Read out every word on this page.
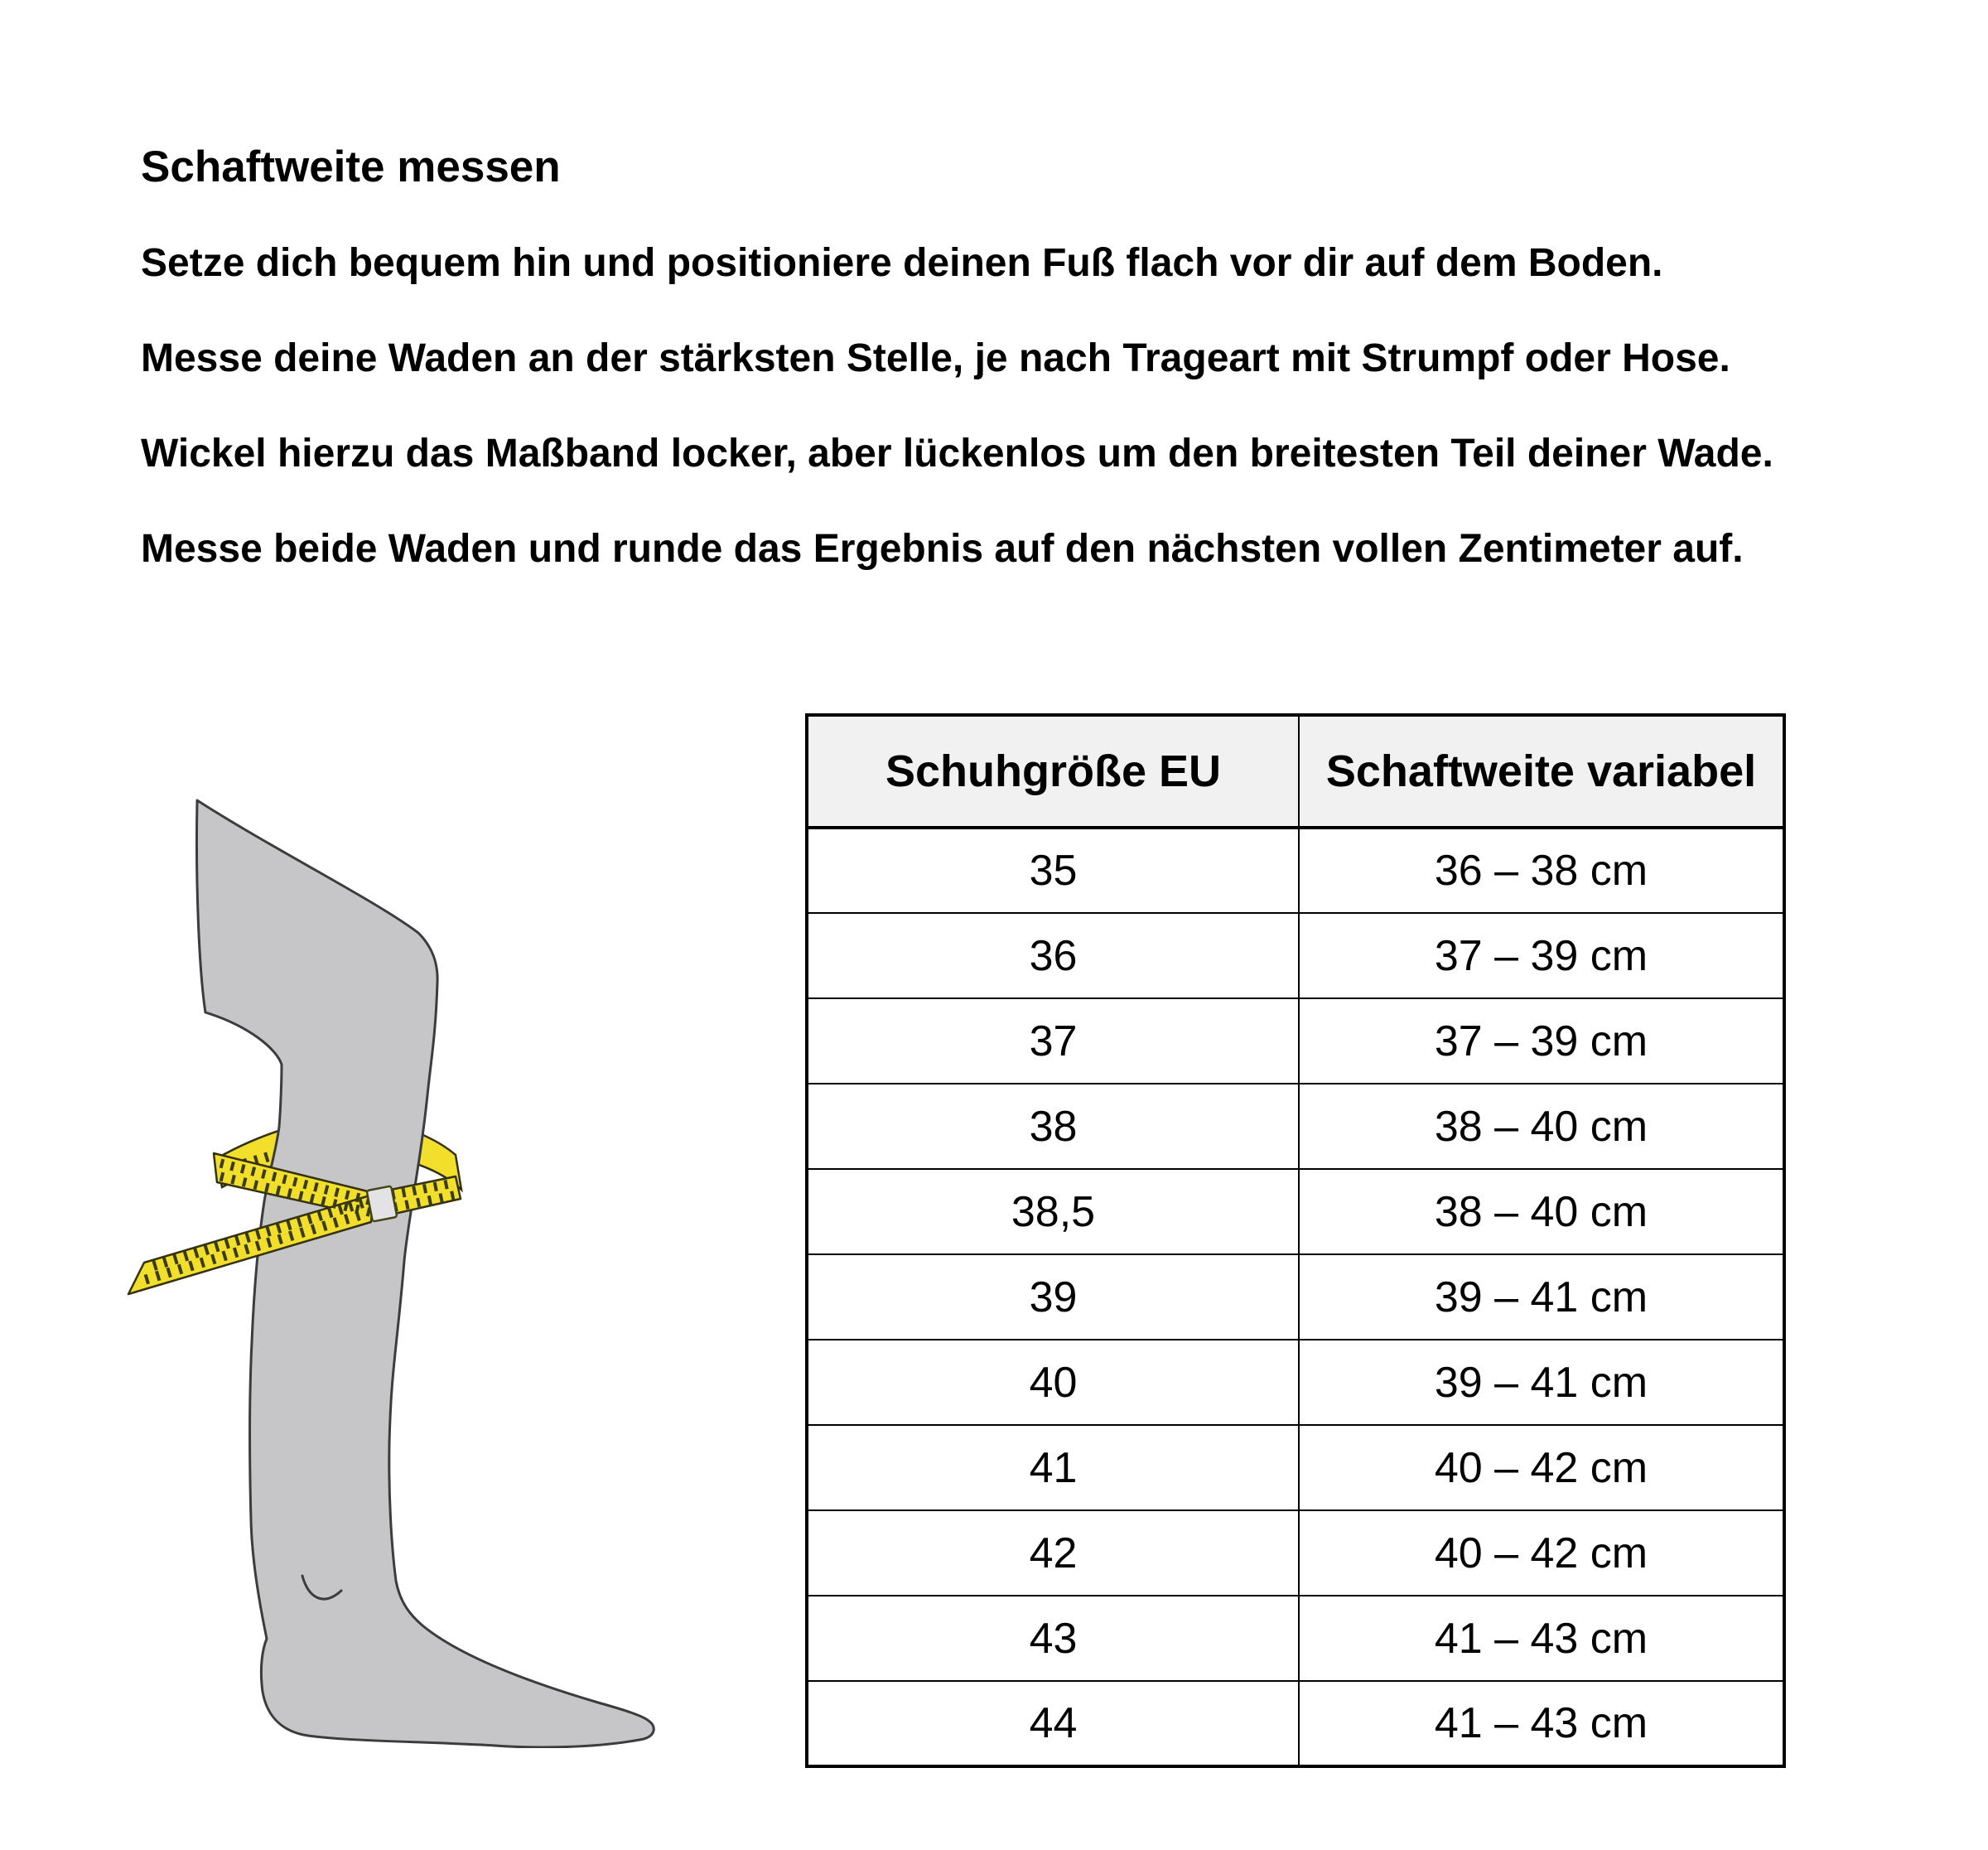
Schaftweite messen

Setze dich bequem hin und positioniere deinen Fuß flach vor dir auf dem Boden.

Messe deine Waden an der stärksten Stelle, je nach Trageart mit Strumpf oder Hose.

Wickel hierzu das Maßband locker, aber lückenlos um den breitesten Teil deiner Wade.

Messe beide Waden und runde das Ergebnis auf den nächsten vollen Zentimeter auf.

Schuhgröße EU	Schaftweite variabel
35	36 – 38 cm
36	37 – 39 cm
37	37 – 39 cm
38	38 – 40 cm
38,5	38 – 40 cm
39	39 – 41 cm
40	39 – 41 cm
41	40 – 42 cm
42	40 – 42 cm
43	41 – 43 cm
44	41 – 43 cm
